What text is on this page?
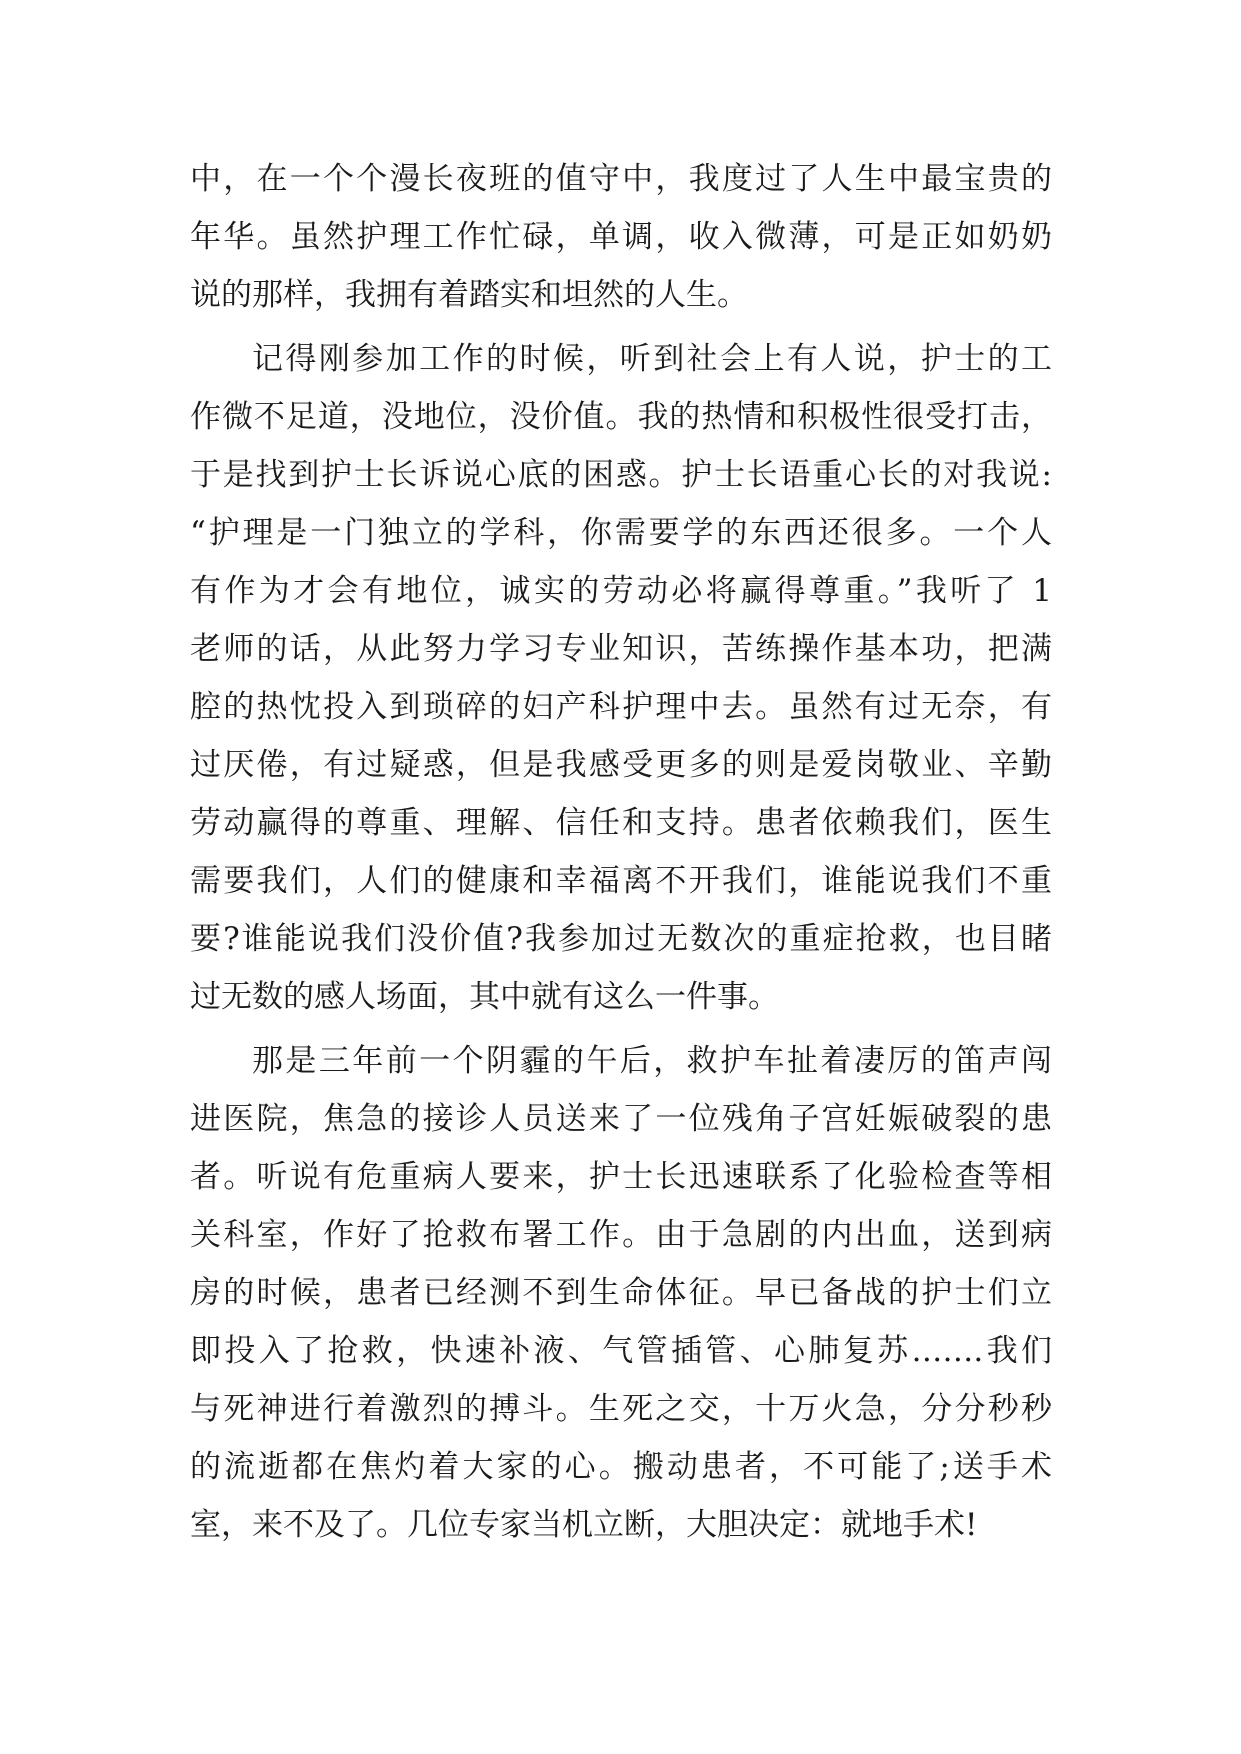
中，在一个个漫长夜班的值守中，我度过了人生中最宝贵的
年华。虽然护理工作忙碌，单调，收入微薄，可是正如奶奶
说的那样，我拥有着踏实和坦然的人生。
记得刚参加工作的时候，听到社会上有人说，护士的工
作微不足道，没地位，没价值。我的热情和积极性很受打击，
于是找到护士长诉说心底的困惑。护士长语重心长的对我说:
“护理是一门独立的学科，你需要学的东西还很多。一个人
有作为才会有地位，诚实的劳动必将赢得尊重。”我听了 1
老师的话，从此努力学习专业知识，苦练操作基本功，把满
腔的热忱投入到琐碎的妇产科护理中去。虽然有过无奈，有
过厌倦，有过疑惑，但是我感受更多的则是爱岗敬业、辛勤
劳动赢得的尊重、理解、信任和支持。患者依赖我们，医生
需要我们，人们的健康和幸福离不开我们，谁能说我们不重
要?谁能说我们没价值?我参加过无数次的重症抢救，也目睹
过无数的感人场面，其中就有这么一件事。
那是三年前一个阴霾的午后，救护车扯着凄厉的笛声闯
进医院，焦急的接诊人员送来了一位残角子宫妊娠破裂的患
者。听说有危重病人要来，护士长迅速联系了化验检查等相
关科室，作好了抢救布署工作。由于急剧的内出血，送到病
房的时候，患者已经测不到生命体征。早已备战的护士们立
即投入了抢救，快速补液、气管插管、心肺复苏…….我们
与死神进行着激烈的搏斗。生死之交，十万火急，分分秒秒
的流逝都在焦灼着大家的心。搬动患者，不可能了;送手术
室，来不及了。几位专家当机立断，大胆决定：就地手术!
